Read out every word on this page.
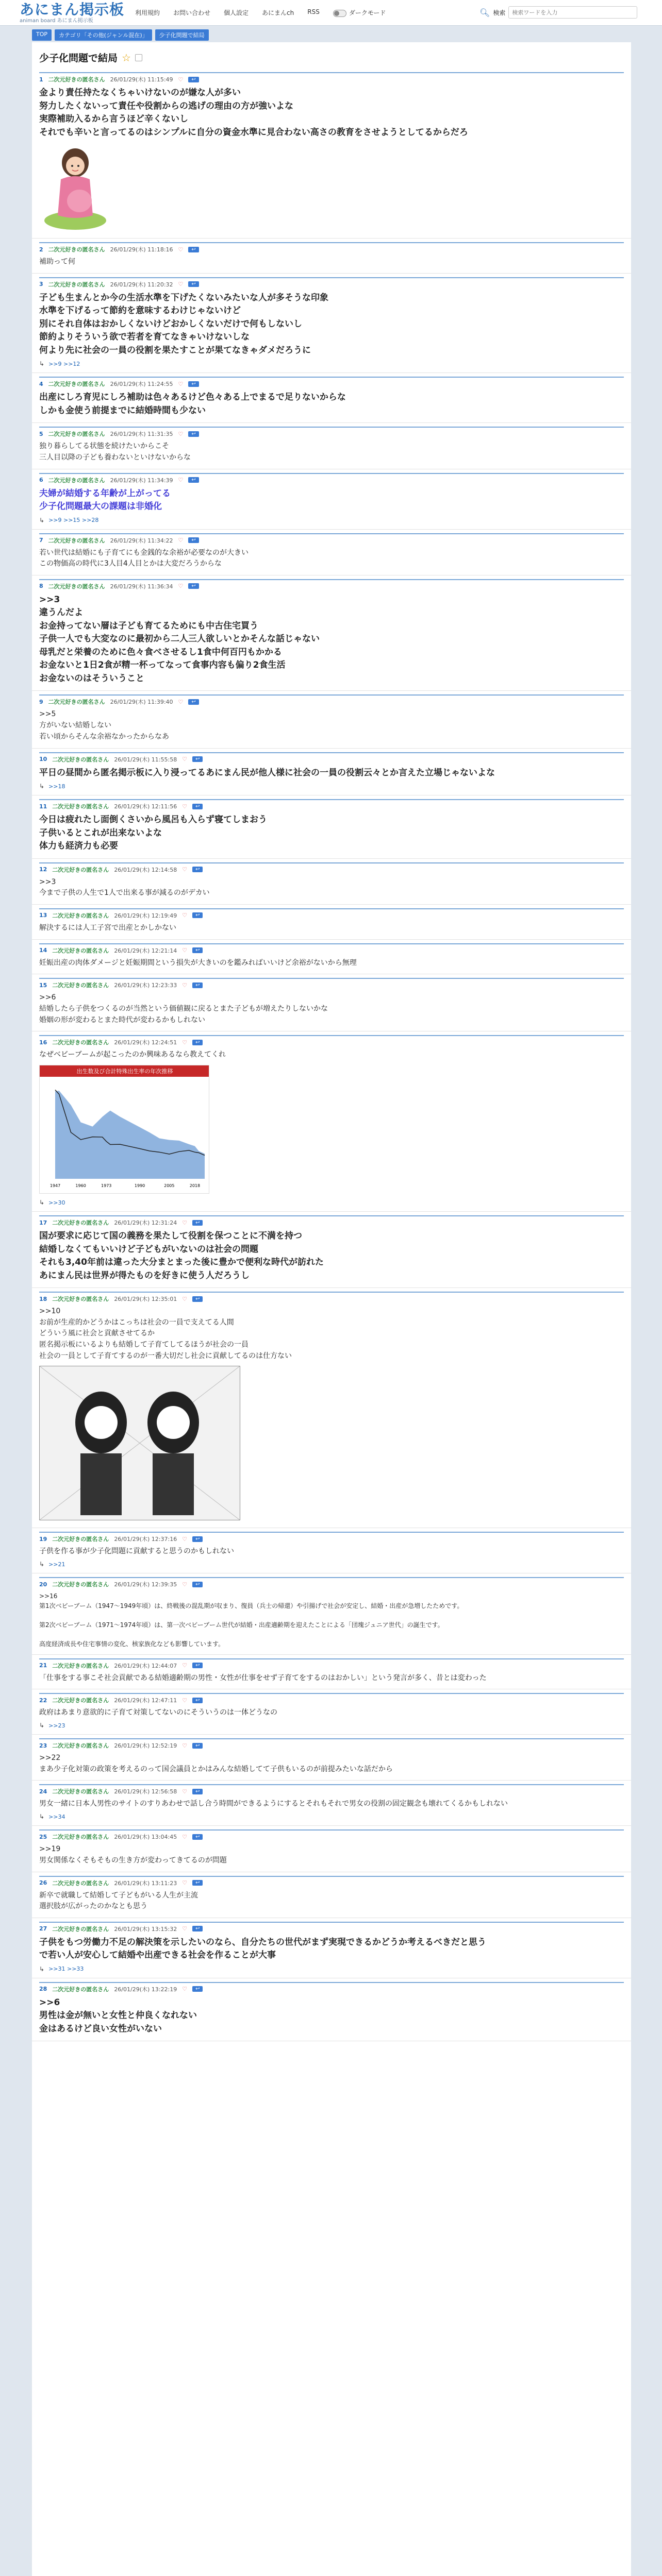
あにまん掲示板
animan board あにまん掲示板
利用規約 お問い合わせ 個人設定 あにまんch RSS	ダークモード	🔍︎ 検索
検索ワードを入力
TOP	カテゴリ「その他(ジャンル混在)」	少子化問題で結局
少子化問題で結局 ☆
1 二次元好きの匿名さん 26/01/29(木) 11:15:49 ♡	↩
金より責任持たなくちゃいけないのが嫌な人が多い
努力したくないって責任や役割からの逃げの理由の方が強いよな
実際補助入るから言うほど辛くないし
それでも辛いと言ってるのはシンプルに自分の資金水準に見合わない高さの教育をさせようとしてるからだろ
2 二次元好きの匿名さん 26/01/29(木) 11:18:16 ♡	↩
補助って何
3 二次元好きの匿名さん 26/01/29(木) 11:20:32 ♡	↩
子ども生まんとか今の生活水準を下げたくないみたいな人が多そうな印象
水準を下げるって節約を意味するわけじゃないけど
別にそれ自体はおかしくないけどおかしくないだけで何もしないし
節約よりそういう欲で若者を育てなきゃいけないしな
何より先に社会の一員の役割を果たすことが果てなきゃダメだろうに
↳ >>9 >>12
4 二次元好きの匿名さん 26/01/29(木) 11:24:55 ♡	↩
出産にしろ育児にしろ補助は色々あるけど色々ある上でまるで足りないからな
しかも金使う前提までに結婚時間も少ない
5 二次元好きの匿名さん 26/01/29(木) 11:31:35 ♡	↩
独り暮らしてる状態を続けたいからこそ
三人目以降の子ども養わないといけないからな
6 二次元好きの匿名さん 26/01/29(木) 11:34:39 ♡	↩
夫婦が結婚する年齢が上がってる
少子化問題最大の課題は非婚化
↳ >>9 >>15 >>28
7 二次元好きの匿名さん 26/01/29(木) 11:34:22 ♡	↩
若い世代は結婚にも子育てにも金銭的な余裕が必要なのが大きい
この物価高の時代に3人目4人目とかは大変だろうからな
8 二次元好きの匿名さん 26/01/29(木) 11:36:34 ♡	↩
>>3
違うんだよ
お金持ってない層は子ども育てるためにも中古住宅買う
子供一人でも大変なのに最初から二人三人欲しいとかそんな話じゃない
母乳だと栄養のために色々食べさせるし1食中何百円もかかる
お金ないと1日2食が精一杯ってなって食事内容も偏り2食生活
お金ないのはそういうこと
9 二次元好きの匿名さん 26/01/29(木) 11:39:40 ♡	↩
>>5
方がいない結婚しない
若い頃からそんな余裕なかったからなあ
10 二次元好きの匿名さん 26/01/29(木) 11:55:58 ♡	↩
平日の昼間から匿名掲示板に入り浸ってるあにまん民が他人様に社会の一員の役割云々とか言えた立場じゃないよな
↳ >>18
11 二次元好きの匿名さん 26/01/29(木) 12:11:56 ♡	↩
今日は疲れたし面倒くさいから風呂も入らず寝てしまおう
子供いるとこれが出来ないよな
体力も経済力も必要
12 二次元好きの匿名さん 26/01/29(木) 12:14:58 ♡	↩
>>3
今まで子供の人生で1人で出来る事が減るのがデカい
13 二次元好きの匿名さん 26/01/29(木) 12:19:49 ♡	↩
解決するには人工子宮で出産とかしかない
14 二次元好きの匿名さん 26/01/29(木) 12:21:14 ♡	↩
妊娠出産の肉体ダメージと妊娠期間という損失が大きいのを鑑みればいいけど余裕がないから無理
15 二次元好きの匿名さん 26/01/29(木) 12:23:33 ♡	↩
>>6
結婚したら子供をつくるのが当然という価値観に戻るとまた子どもが増えたりしないかな
婚姻の形が変わるとまた時代が変わるかもしれない
16 二次元好きの匿名さん 26/01/29(木) 12:24:51 ♡	↩
なぜベビーブームが起こったのか興味あるなら教えてくれ
出生数及び合計特殊出生率の年次推移
1947	1960	1973	1990	2005	2018
↳ >>30
17 二次元好きの匿名さん 26/01/29(木) 12:31:24 ♡	↩
国が要求に応じて国の義務を果たして役割を保つことに不満を持つ
結婚しなくてもいいけど子どもがいないのは社会の問題
それも3,40年前は違った大分まとまった後に豊かで便利な時代が訪れた
あにまん民は世界が得たものを好きに使う人だろうし
18 二次元好きの匿名さん 26/01/29(木) 12:35:01 ♡	↩
>>10
お前が生産的かどうかはこっちは社会の一員で支えてる人間
どういう風に社会と貢献させてるか
匿名掲示板にいるよりも結婚して子育てしてるほうが社会の一員
社会の一員として子育てするのが一番大切だし社会に貢献してるのは仕方ない
19 二次元好きの匿名さん 26/01/29(木) 12:37:16 ♡	↩
子供を作る事が少子化問題に貢献すると思うのかもしれない
↳ >>21
20 二次元好きの匿名さん 26/01/29(木) 12:39:35 ♡	↩
>>16
第1次ベビーブーム（1947〜1949年頃）は、終戦後の混乱期が収まり、復員（兵士の帰還）や引揚げで社会が安定し、結婚・出産が急増したためです。

第2次ベビーブーム（1971〜1974年頃）は、第一次ベビーブーム世代が結婚・出産適齢期を迎えたことによる「団塊ジュニア世代」の誕生です。

高度経済成長や住宅事情の変化、核家族化なども影響しています。
21 二次元好きの匿名さん 26/01/29(木) 12:44:07 ♡	↩
「仕事をする事こそ社会貢献である結婚適齢期の男性・女性が仕事をせず子育てをするのはおかしい」という発言が多く、昔とは変わった
22 二次元好きの匿名さん 26/01/29(木) 12:47:11 ♡	↩
政府はあまり意欲的に子育て対策してないのにそういうのは一体どうなの
↳ >>23
23 二次元好きの匿名さん 26/01/29(木) 12:52:19 ♡	↩
>>22
まあ少子化対策の政策を考えるのって国会議員とかはみんな結婚してて子供もいるのが前提みたいな話だから
24 二次元好きの匿名さん 26/01/29(木) 12:56:58 ♡	↩
男女一緒に日本人男性のサイトのすりあわせで話し合う時間ができるようにするとそれもそれで男女の役割の固定観念も壊れてくるかもしれない
↳ >>34
25 二次元好きの匿名さん 26/01/29(木) 13:04:45 ♡	↩
>>19
男女関係なくそもそもの生き方が変わってきてるのが問題
26 二次元好きの匿名さん 26/01/29(木) 13:11:23 ♡	↩
新卒で就職して結婚して子どもがいる人生が主流
選択肢が広がったのかなとも思う
27 二次元好きの匿名さん 26/01/29(木) 13:15:32 ♡	↩
子供をもつ労働力不足の解決策を示したいのなら、自分たちの世代がまず実現できるかどうか考えるべきだと思う
で若い人が安心して結婚や出産できる社会を作ることが大事
↳ >>31 >>33
28 二次元好きの匿名さん 26/01/29(木) 13:22:19 ♡	↩
>>6
男性は金が無いと女性と仲良くなれない
金はあるけど良い女性がいない
